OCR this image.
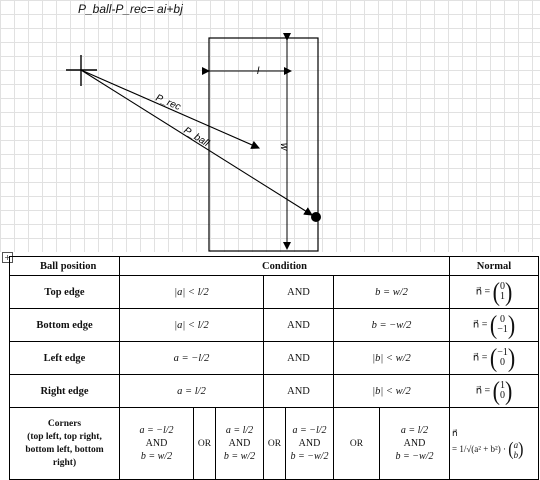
P_ball-P_rec= ai+bj
l
w
P_rec
P_ball
+
Ball position	Condition							Normal
Top edge	|a| < l/2			AND		b = w/2		n⃗ = (0
1)
Bottom edge	|a| < l/2			AND		b = −w/2		n⃗ = ( 0
−1)
Left edge	a = −l/2			AND		|b| < w/2		n⃗ = (−1
0 )
Right edge	a = l/2			AND		|b| < w/2		n⃗ = (1
0)
Corners
(top left, top right,
bottom left, bottom
right)	a = −l/2
AND
b = w/2	OR	a = l/2
AND
b = w/2	OR	a = −l/2
AND
b = −w/2	OR	a = l/2
AND
b = −w/2	n⃗
= 1/√(a² + b²) · (a
b)
